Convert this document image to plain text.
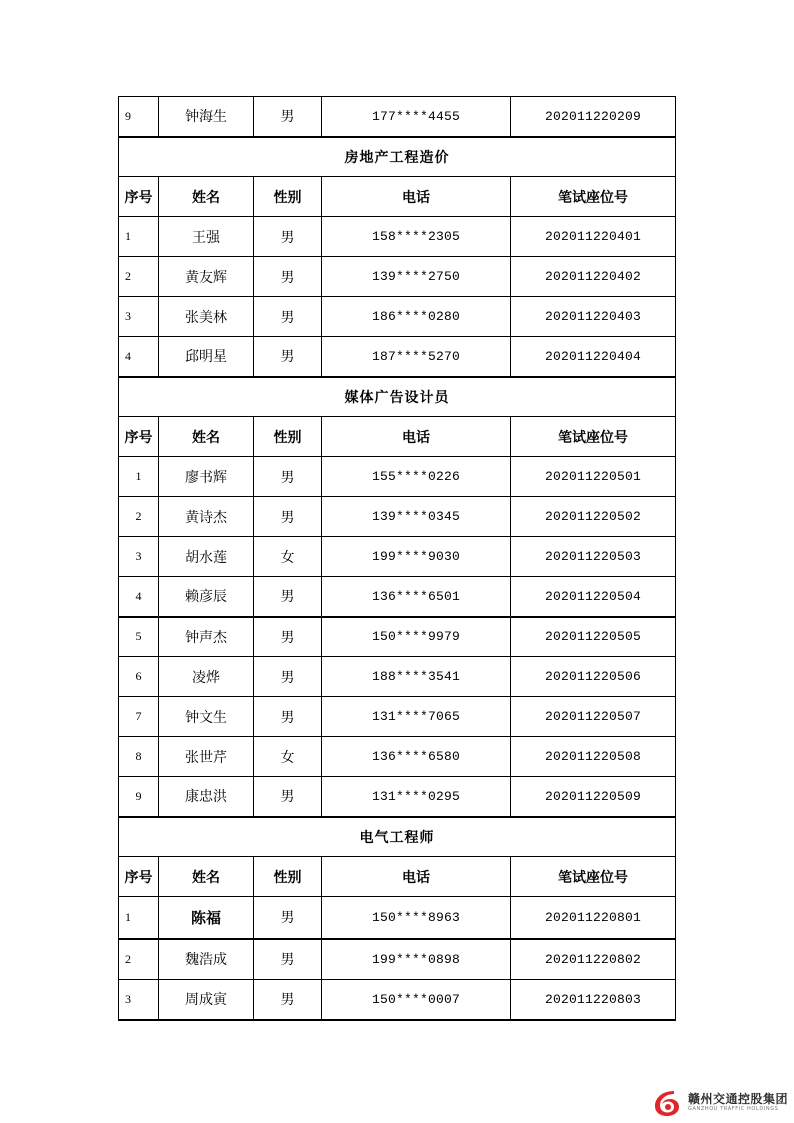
9	钟海生	男	177****4455	202011220209
房地产工程造价				
序号	姓名	性别	电话	笔试座位号
1	王强	男	158****2305	202011220401
2	黄友辉	男	139****2750	202011220402
3	张美林	男	186****0280	202011220403
4	邱明星	男	187****5270	202011220404
媒体广告设计员				
序号	姓名	性别	电话	笔试座位号
1	廖书辉	男	155****0226	202011220501
2	黄诗杰	男	139****0345	202011220502
3	胡水莲	女	199****9030	202011220503
4	赖彦辰	男	136****6501	202011220504
5	钟声杰	男	150****9979	202011220505
6	凌烨	男	188****3541	202011220506
7	钟文生	男	131****7065	202011220507
8	张世芹	女	136****6580	202011220508
9	康忠洪	男	131****0295	202011220509
电气工程师				
序号	姓名	性别	电话	笔试座位号
1	陈福	男	150****8963	202011220801
2	魏浩成	男	199****0898	202011220802
3	周成寅	男	150****0007	202011220803
赣州交通控股集团
GANZHOU TRAFFIC HOLDINGS
